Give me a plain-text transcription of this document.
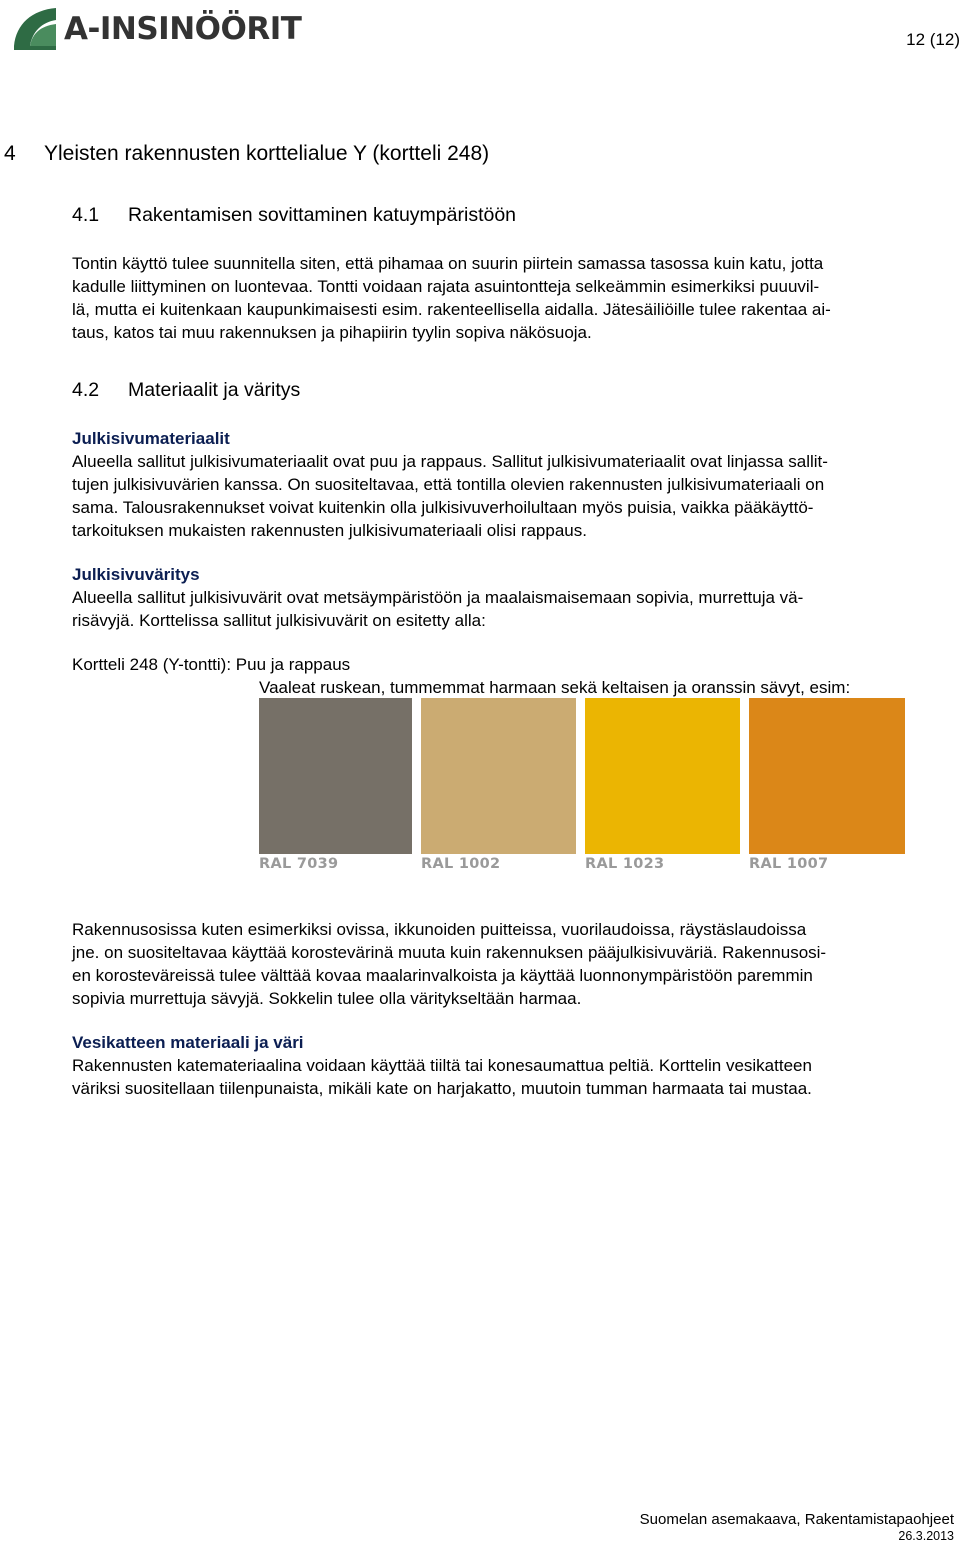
A-INSINÖÖRIT	12 (12)
4 Yleisten rakennusten korttelialue Y (kortteli 248)
4.1 Rakentamisen sovittaminen katuympäristöön
Tontin käyttö tulee suunnitella siten, että pihamaa on suurin piirtein samassa tasossa kuin katu, jotta
kadulle liittyminen on luontevaa. Tontti voidaan rajata asuintontteja selkeämmin esimerkiksi puuuvil-
lä, mutta ei kuitenkaan kaupunkimaisesti esim. rakenteellisella aidalla. Jätesäiliöille tulee rakentaa ai-
taus, katos tai muu rakennuksen ja pihapiirin tyylin sopiva näkösuoja.
4.2 Materiaalit ja väritys
Julkisivumateriaalit
Alueella sallitut julkisivumateriaalit ovat puu ja rappaus. Sallitut julkisivumateriaalit ovat linjassa sallit-
tujen julkisivuvärien kanssa. On suositeltavaa, että tontilla olevien rakennusten julkisivumateriaali on
sama. Talousrakennukset voivat kuitenkin olla julkisivuverhoilultaan myös puisia, vaikka pääkäyttö-
tarkoituksen mukaisten rakennusten julkisivumateriaali olisi rappaus.
Julkisivuväritys
Alueella sallitut julkisivuvärit ovat metsäympäristöön ja maalaismaisemaan sopivia, murrettuja vä-
risävyjä. Korttelissa sallitut julkisivuvärit on esitetty alla:
Kortteli 248 (Y-tontti): Puu ja rappaus
Vaaleat ruskean, tummemmat harmaan sekä keltaisen ja oranssin sävyt, esim:
RAL 7039	RAL 1002	RAL 1023	RAL 1007
Rakennusosissa kuten esimerkiksi ovissa, ikkunoiden puitteissa, vuorilaudoissa, räystäslaudoissa
jne. on suositeltavaa käyttää korostevärinä muuta kuin rakennuksen pääjulkisivuväriä. Rakennusosi-
en korosteväreissä tulee välttää kovaa maalarinvalkoista ja käyttää luonnonympäristöön paremmin
sopivia murrettuja sävyjä. Sokkelin tulee olla väritykseltään harmaa.
Vesikatteen materiaali ja väri
Rakennusten katemateriaalina voidaan käyttää tiiltä tai konesaumattua peltiä. Korttelin vesikatteen
väriksi suositellaan tiilenpunaista, mikäli kate on harjakatto, muutoin tumman harmaata tai mustaa.
Suomelan asemakaava, Rakentamistapaohjeet
26.3.2013
